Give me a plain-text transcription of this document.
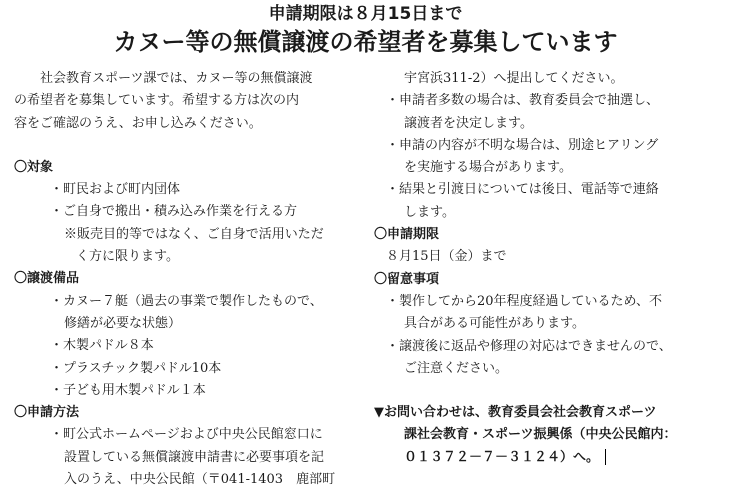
申請期限は８月15日まで
カヌー等の無償譲渡の希望者を募集しています
社会教育スポーツ課では、カヌー等の無償譲渡
の希望者を募集しています。希望する方は次の内
容をご確認のうえ、お申し込みください。
〇対象
・町民および町内団体
・ご自身で搬出・積み込み作業を行える方
※販売目的等ではなく、ご自身で活用いただ
く方に限ります。
〇譲渡備品
・カヌー７艇（過去の事業で製作したもので、
修繕が必要な状態）
・木製パドル８本
・プラスチック製パドル10本
・子ども用木製パドル１本
〇申請方法
・町公式ホームページおよび中央公民館窓口に
設置している無償譲渡申請書に必要事項を記
入のうえ、中央公民館（〒041-1403　鹿部町
宇宮浜311-2）へ提出してください。
・申請者多数の場合は、教育委員会で抽選し、
譲渡者を決定します。
・申請の内容が不明な場合は、別途ヒアリング
を実施する場合があります。
・結果と引渡日については後日、電話等で連絡
します。
〇申請期限
８月15日（金）まで
〇留意事項
・製作してから20年程度経過しているため、不
具合がある可能性があります。
・譲渡後に返品や修理の対応はできませんので、
ご注意ください。
▼お問い合わせは、教育委員会社会教育スポーツ
課社会教育・スポーツ振興係（中央公民館内：
０１３７２－７－３１２４）へ。
